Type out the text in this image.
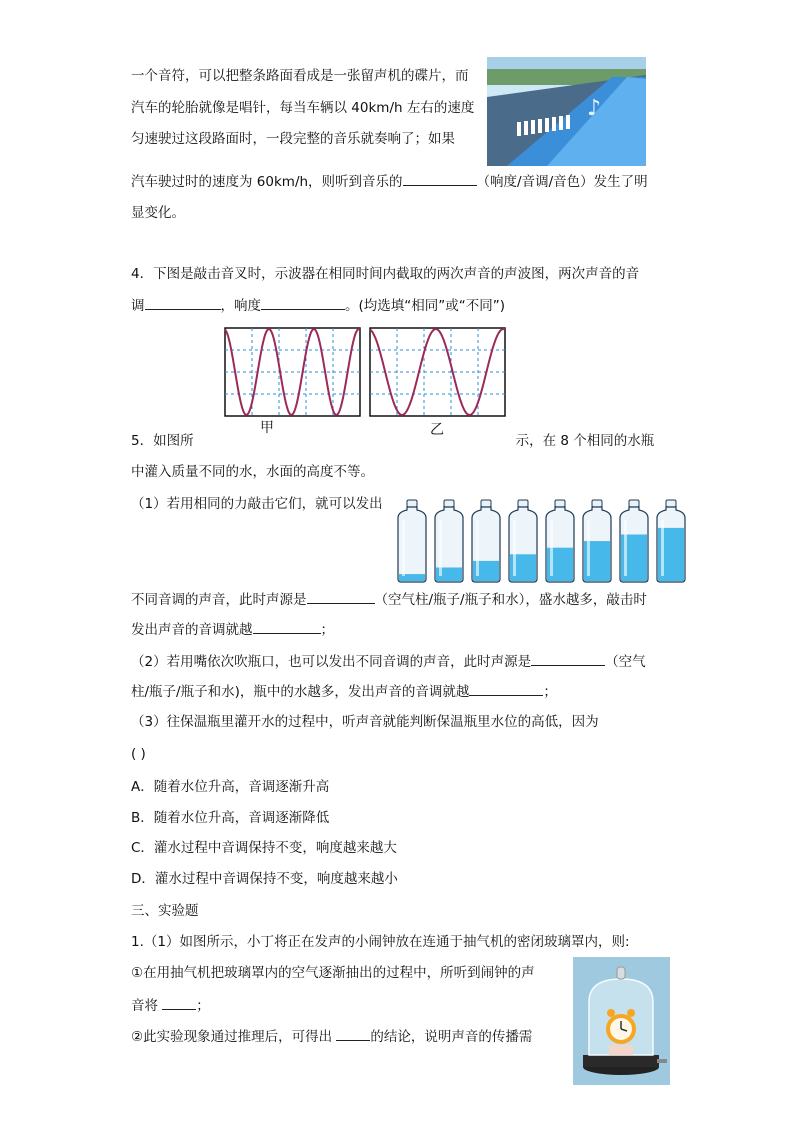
一个音符，可以把整条路面看成是一张留声机的碟片，而
汽车的轮胎就像是唱针，每当车辆以 40km/h 左右的速度
匀速驶过这段路面时，一段完整的音乐就奏响了；如果
汽车驶过时的速度为 60km/h，则听到音乐的	（响度/音调/音色）发生了明
显变化。
♪
4．下图是敲击音叉时，示波器在相同时间内截取的两次声音的声波图，两次声音的音
调	，响度	。(均选填“相同”或“不同”)
甲	乙
5．如图所	示，在 8 个相同的水瓶
中灌入质量不同的水，水面的高度不等。
（1）若用相同的力敲击它们，就可以发出
不同音调的声音，此时声源是	（空气柱/瓶子/瓶子和水），盛水越多，敲击时
发出声音的音调就越	；
（2）若用嘴依次吹瓶口，也可以发出不同音调的声音，此时声源是	（空气
柱/瓶子/瓶子和水)，瓶中的水越多，发出声音的音调就越	；
（3）往保温瓶里灌开水的过程中，听声音就能判断保温瓶里水位的高低，因为
( )
A．随着水位升高，音调逐渐升高
B．随着水位升高，音调逐渐降低
C．灌水过程中音调保持不变，响度越来越大
D．灌水过程中音调保持不变，响度越来越小
三、实验题
1.（1）如图所示，小丁将正在发声的小闹钟放在连通于抽气机的密闭玻璃罩内，则:
①在用抽气机把玻璃罩内的空气逐渐抽出的过程中，所听到闹钟的声
音将	；
②此实验现象通过推理后，可得出	的结论，说明声音的传播需
